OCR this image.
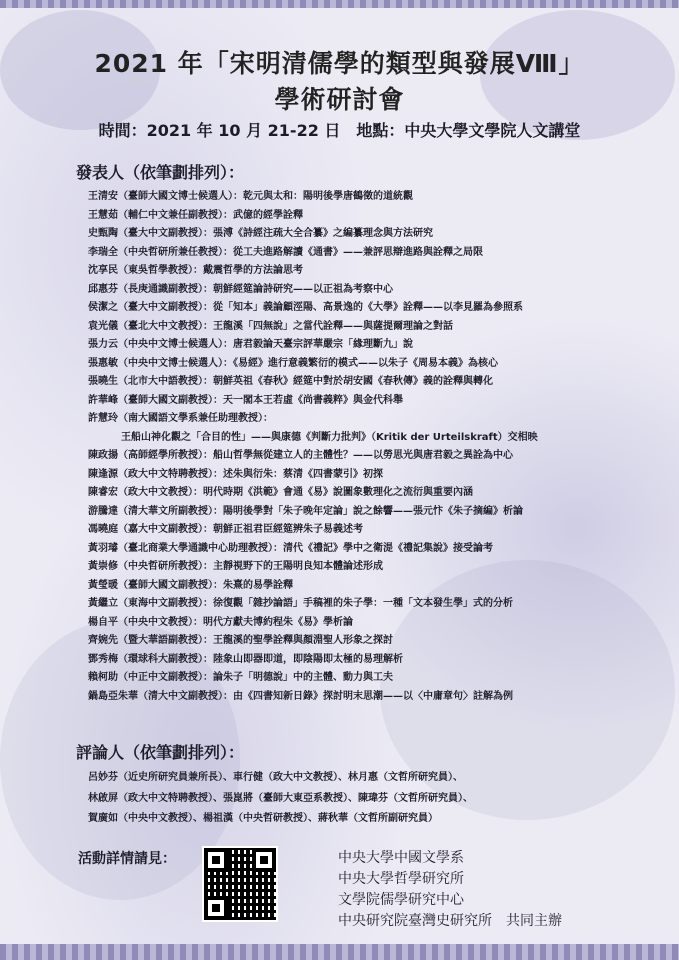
2021 年「宋明清儒學的類型與發展Ⅷ」
學術研討會
時間：2021 年 10 月 21-22 日　地點：中央大學文學院人文講堂
發表人（依筆劃排列）：
王清安（臺師大國文博士候選人）：乾元與太和：陽明後學唐鶴徵的道統觀
王慧茹（輔仁中文兼任副教授）：武億的經學詮釋
史甄陶（臺大中文副教授）：張溥《詩經注疏大全合纂》之編纂理念與方法研究
李瑞全（中央哲研所兼任教授）：從工夫進路解讀《通書》——兼評思辯進路與詮釋之局限
沈享民（東吳哲學教授）：戴震哲學的方法論思考
邱惠芬（長庚通識副教授）：朝鮮經筵論詩研究——以正祖為考察中心
侯潔之（臺大中文副教授）：從「知本」義論顧涇陽、高景逸的《大學》詮釋——以李見羅為參照系
袁光儀（臺北大中文教授）：王龍溪「四無說」之當代詮釋——與薩提爾理論之對話
張力云（中央中文博士候選人）：唐君毅論天臺宗評華嚴宗「緣理斷九」說
張惠敏（中央中文博士候選人）：《易經》進行意義繁衍的模式——以朱子《周易本義》為核心
張曉生（北市大中語教授）：朝鮮英祖《春秋》經筵中對於胡安國《春秋傳》義的詮釋與轉化
許華峰（臺師大國文副教授）：天一閣本王若虛《尚書義粹》與金代科舉
許慧玲（南大國語文學系兼任助理教授）：
王船山神化觀之「合目的性」——與康德《判斷力批判》（Kritik der Urteilskraft）交相映
陳政揚（高師經學所教授）：船山哲學無從建立人的主體性？——以勞思光與唐君毅之異詮為中心
陳逢源（政大中文特聘教授）：述朱與衍朱：蔡清《四書蒙引》初探
陳睿宏（政大中文教授）：明代時期《洪範》會通《易》說圖象數理化之流衍與重要內涵
游騰達（清大華文所副教授）：陽明後學對「朱子晚年定論」說之餘響——張元忭《朱子摘編》析論
馮曉庭（嘉大中文副教授）：朝鮮正祖君臣經筵辨朱子易義述考
黃羽璿（臺北商業大學通識中心助理教授）：清代《禮記》學中之衛湜《禮記集說》接受論考
黃崇修（中央哲研所教授）：主靜視野下的王陽明良知本體論述形成
黃瑩暖（臺師大國文副教授）：朱熹的易學詮釋
黃繼立（東海中文副教授）：徐復觀「雜抄論語」手稿裡的朱子學：一種「文本發生學」式的分析
楊自平（中央中文教授）：明代方獻夫博約程朱《易》學析論
齊婉先（暨大華語副教授）：王龍溪的聖學詮釋與顏淵聖人形象之探討
鄧秀梅（環球科大副教授）：陸象山即器即道，即陰陽即太極的易理解析
賴柯助（中正中文副教授）：論朱子「明德說」中的主體、動力與工夫
鍋島亞朱華（清大中文副教授）：由《四書知新日錄》探討明末思潮——以〈中庸章句〉註解為例
評論人（依筆劃排列）：
呂妙芬（近史所研究員兼所長）、車行健（政大中文教授）、林月惠（文哲所研究員）、
林啟屏（政大中文特聘教授）、張崑將（臺師大東亞系教授）、陳瑋芬（文哲所研究員）、
賀廣如（中央中文教授）、楊祖漢（中央哲研教授）、蔣秋華（文哲所副研究員）
活動詳情請見：	中央大學中國文學系
中央大學哲學研究所
文學院儒學研究中心
中央研究院臺灣史研究所　共同主辦
